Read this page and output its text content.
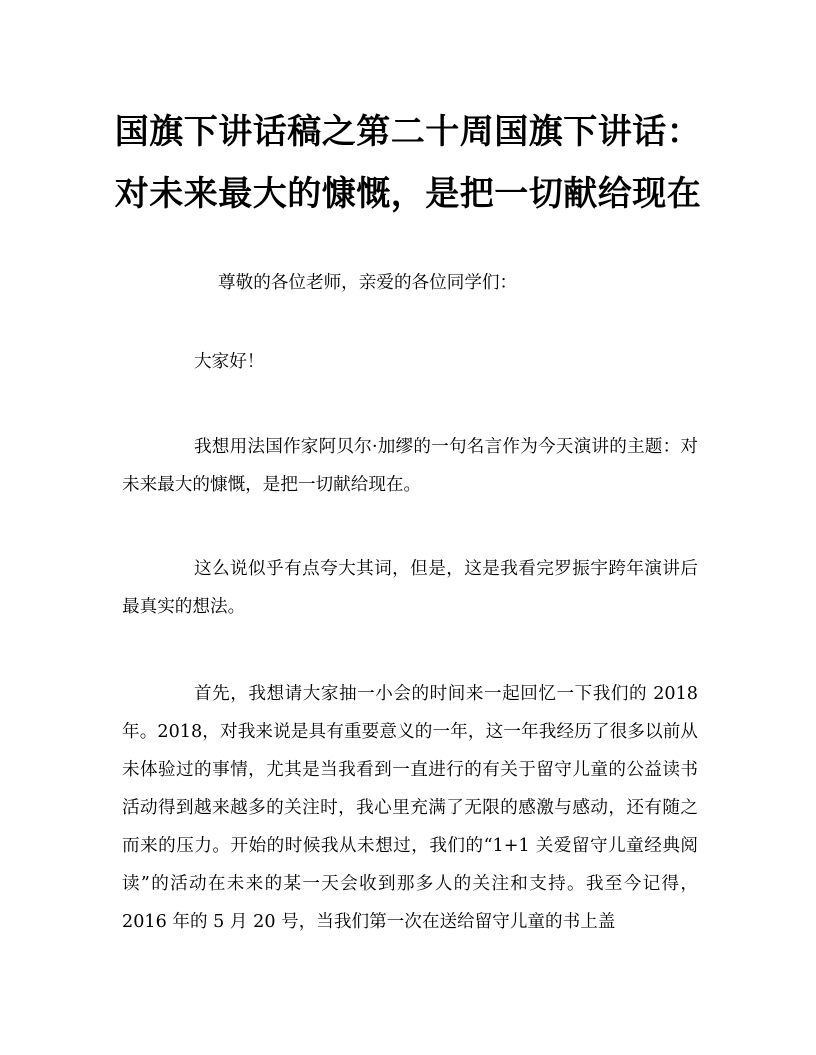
国旗下讲话稿之第二十周国旗下讲话：
对未来最大的慷慨，是把一切献给现在

尊敬的各位老师，亲爱的各位同学们：

大家好！

我想用法国作家阿贝尔·加缪的一句名言作为今天演讲的主题：对未来最大的慷慨，是把一切献给现在。

这么说似乎有点夸大其词，但是，这是我看完罗振宇跨年演讲后最真实的想法。

首先，我想请大家抽一小会的时间来一起回忆一下我们的 2018 年。2018，对我来说是具有重要意义的一年，这一年我经历了很多以前从未体验过的事情，尤其是当我看到一直进行的有关于留守儿童的公益读书活动得到越来越多的关注时，我心里充满了无限的感激与感动，还有随之而来的压力。开始的时候我从未想过，我们的“1+1 关爱留守儿童经典阅读”的活动在未来的某一天会收到那多人的关注和支持。我至今记得，2016 年的 5 月 20 号，当我们第一次在送给留守儿童的书上盖
